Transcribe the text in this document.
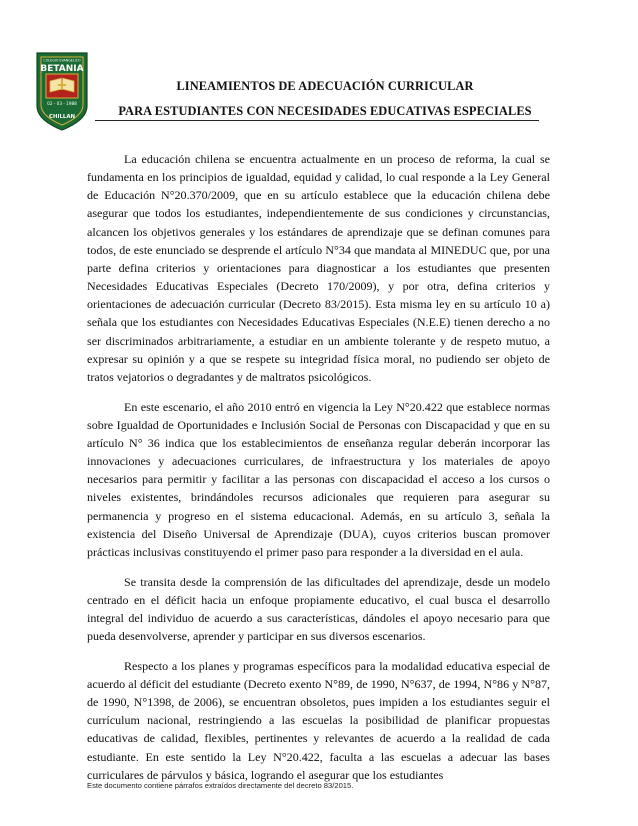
COLEGIO EVANGELICO
BETANIA
02 - 03 - 1988
CHILLAN
LINEAMIENTOS DE ADECUACIÓN CURRICULAR
PARA ESTUDIANTES CON NECESIDADES EDUCATIVAS ESPECIALES

La educación chilena se encuentra actualmente en un proceso de reforma, la cual se fundamenta en los principios de igualdad, equidad y calidad, lo cual responde a la Ley General de Educación N°20.370/2009, que en su artículo establece que la educación chilena debe asegurar que todos los estudiantes, independientemente de sus condiciones y circunstancias, alcancen los objetivos generales y los estándares de aprendizaje que se definan comunes para todos, de este enunciado se desprende el artículo N°34 que mandata al MINEDUC que, por una parte defina criterios y orientaciones para diagnosticar a los estudiantes que presenten Necesidades Educativas Especiales (Decreto 170/2009), y por otra, defina criterios y orientaciones de adecuación curricular (Decreto 83/2015). Esta misma ley en su artículo 10 a) señala que los estudiantes con Necesidades Educativas Especiales (N.E.E) tienen derecho a no ser discriminados arbitrariamente, a estudiar en un ambiente tolerante y de respeto mutuo, a expresar su opinión y a que se respete su integridad física moral, no pudiendo ser objeto de tratos vejatorios o degradantes y de maltratos psicológicos.

En este escenario, el año 2010 entró en vigencia la Ley N°20.422 que establece normas sobre Igualdad de Oportunidades e Inclusión Social de Personas con Discapacidad y que en su artículo N° 36 indica que los establecimientos de enseñanza regular deberán incorporar las innovaciones y adecuaciones curriculares, de infraestructura y los materiales de apoyo necesarios para permitir y facilitar a las personas con discapacidad el acceso a los cursos o niveles existentes, brindándoles recursos adicionales que requieren para asegurar su permanencia y progreso en el sistema educacional. Además, en su artículo 3, señala la existencia del Diseño Universal de Aprendizaje (DUA), cuyos criterios buscan promover prácticas inclusivas constituyendo el primer paso para responder a la diversidad en el aula.

Se transita desde la comprensión de las dificultades del aprendizaje, desde un modelo centrado en el déficit hacia un enfoque propiamente educativo, el cual busca el desarrollo integral del individuo de acuerdo a sus características, dándoles el apoyo necesario para que pueda desenvolverse, aprender y participar en sus diversos escenarios.

Respecto a los planes y programas específicos para la modalidad educativa especial de acuerdo al déficit del estudiante (Decreto exento N°89, de 1990, N°637, de 1994, N°86 y N°87, de 1990, N°1398, de 2006), se encuentran obsoletos, pues impiden a los estudiantes seguir el currículum nacional, restringiendo a las escuelas la posibilidad de planificar propuestas educativas de calidad, flexibles, pertinentes y relevantes de acuerdo a la realidad de cada estudiante. En este sentido la Ley N°20.422, faculta a las escuelas a adecuar las bases curriculares de párvulos y básica, logrando el asegurar que los estudiantes

Este documento contiene párrafos extraídos directamente del decreto 83/2015.
